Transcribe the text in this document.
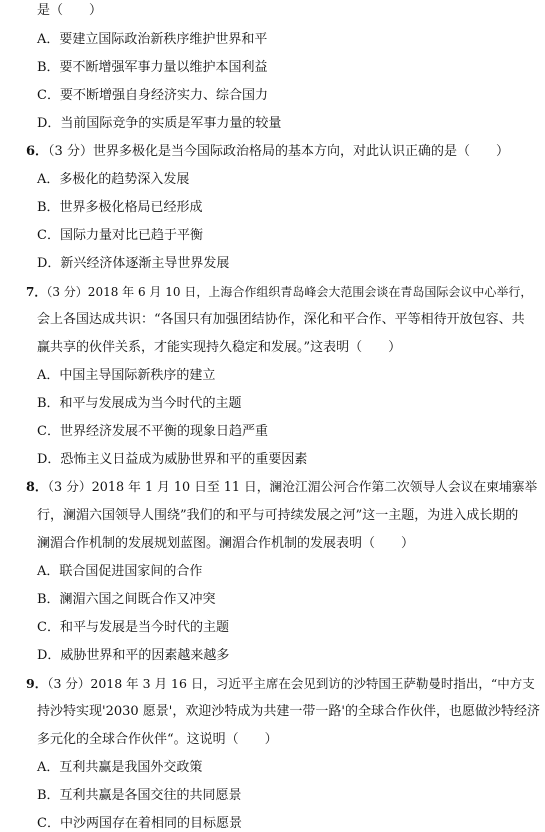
是（　　）
A．要建立国际政治新秩序维护世界和平
B．要不断增强军事力量以维护本国利益
C．要不断增强自身经济实力、综合国力
D．当前国际竞争的实质是军事力量的较量
6．（3 分）世界多极化是当今国际政治格局的基本方向，对此认识正确的是（　　）
A．多极化的趋势深入发展
B．世界多极化格局已经形成
C．国际力量对比已趋于平衡
D．新兴经济体逐渐主导世界发展
7．（3 分）2018 年 6 月 10 日，上海合作组织青岛峰会大范围会谈在青岛国际会议中心举行，
会上各国达成共识：“各国只有加强团结协作，深化和平合作、平等相待开放包容、共
赢共享的伙伴关系，才能实现持久稳定和发展。”这表明（　　）
A．中国主导国际新秩序的建立
B．和平与发展成为当今时代的主题
C．世界经济发展不平衡的现象日趋严重
D．恐怖主义日益成为威胁世界和平的重要因素
8．（3 分）2018 年 1 月 10 日至 11 日，澜沧江湄公河合作第二次领导人会议在柬埔寨举
行，澜湄六国领导人围绕”我们的和平与可持续发展之河”这一主题，为进入成长期的
澜湄合作机制的发展规划蓝图。澜湄合作机制的发展表明（　　）
A．联合国促进国家间的合作
B．澜湄六国之间既合作又冲突
C．和平与发展是当今时代的主题
D．威胁世界和平的因素越来越多
9．（3 分）2018 年 3 月 16 日，习近平主席在会见到访的沙特国王萨勒曼时指出，“中方支
持沙特实现'2030 愿景'，欢迎沙特成为共建一带一路'的全球合作伙伴，也愿做沙特经济
多元化的全球合作伙伴“。这说明（　　）
A．互利共赢是我国外交政策
B．互利共赢是各国交往的共同愿景
C．中沙两国存在着相同的目标愿景
